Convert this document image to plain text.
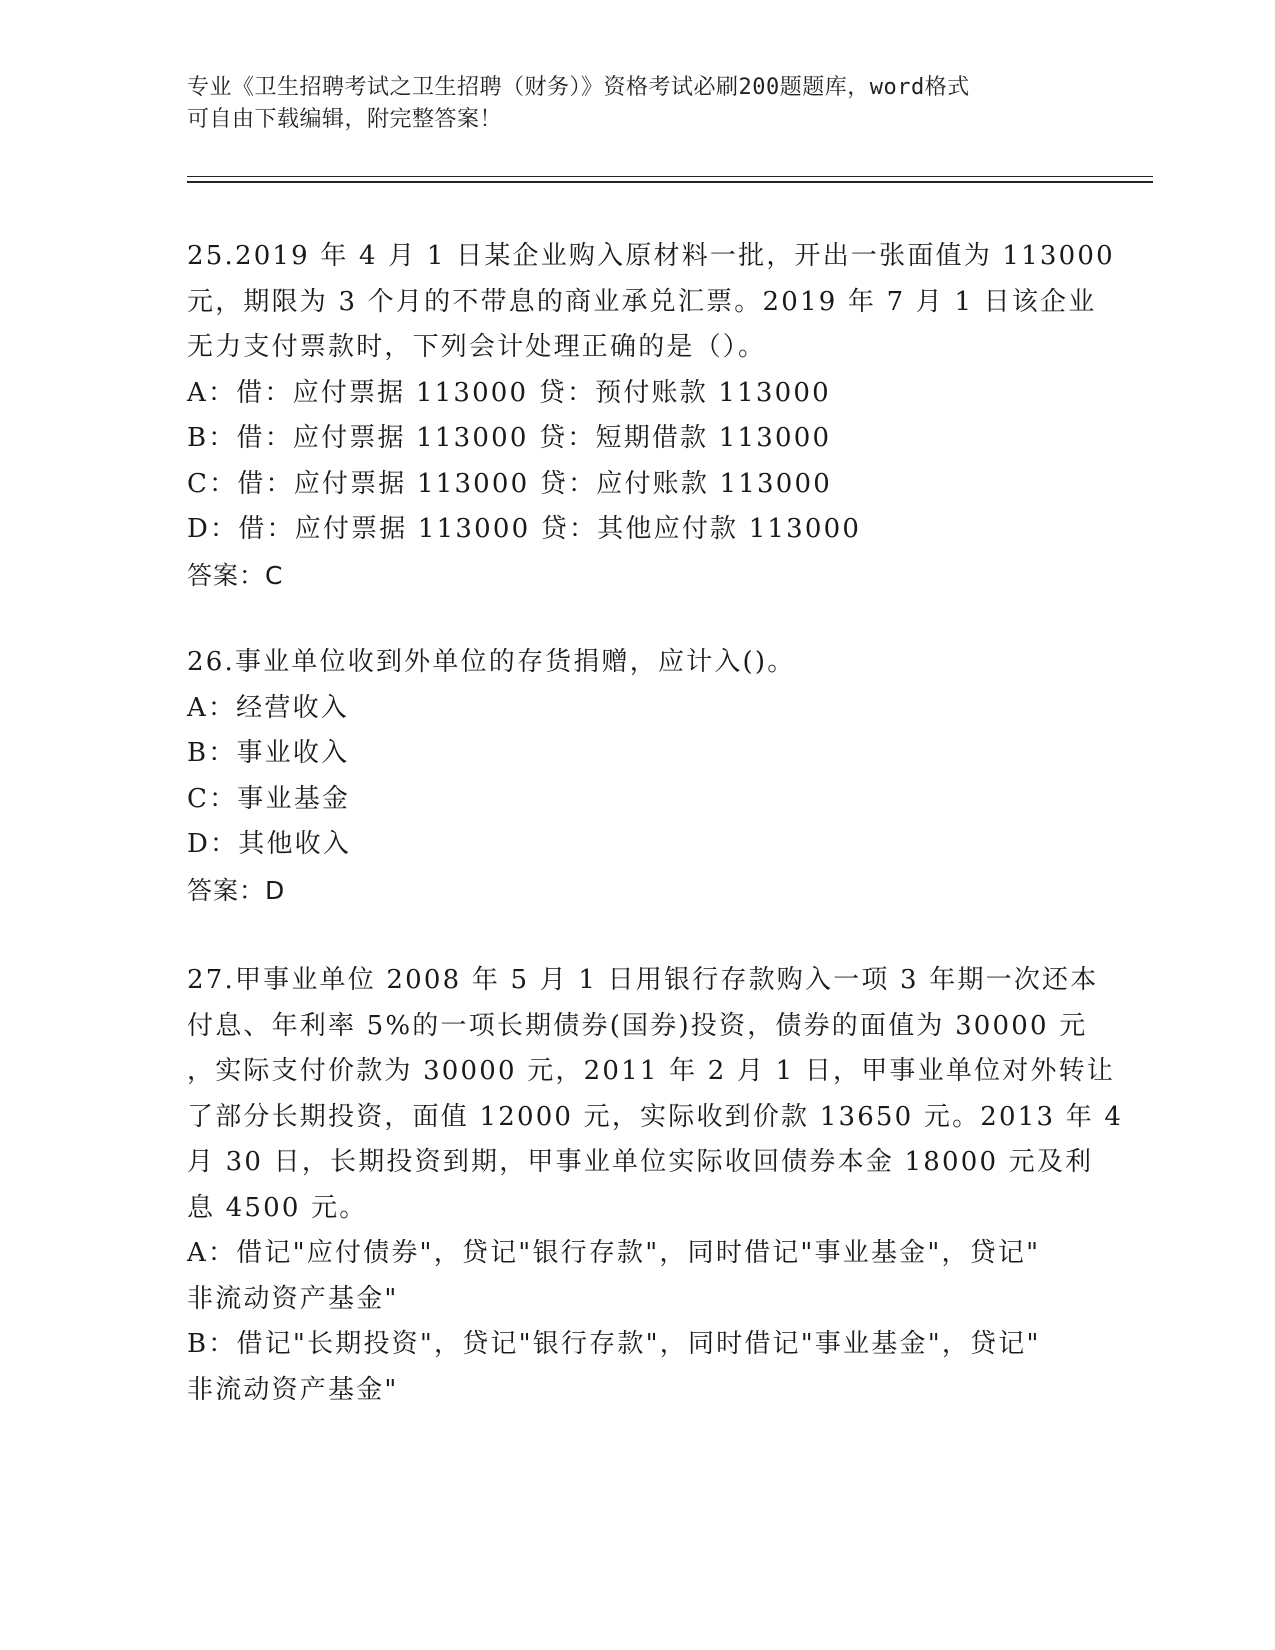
专业《卫生招聘考试之卫生招聘（财务）》资格考试必刷200题题库，word格式
可自由下载编辑，附完整答案！
25.2019 年 4 月 1 日某企业购入原材料一批，开出一张面值为 113000
元，期限为 3 个月的不带息的商业承兑汇票。2019 年 7 月 1 日该企业
无力支付票款时，下列会计处理正确的是（）。
A：借：应付票据 113000 贷：预付账款 113000
B：借：应付票据 113000 贷：短期借款 113000
C：借：应付票据 113000 贷：应付账款 113000
D：借：应付票据 113000 贷：其他应付款 113000
答案：C
26.事业单位收到外单位的存货捐赠，应计入()。
A：经营收入
B：事业收入
C：事业基金
D：其他收入
答案：D
27.甲事业单位 2008 年 5 月 1 日用银行存款购入一项 3 年期一次还本
付息、年利率 5%的一项长期债券(国券)投资，债券的面值为 30000 元
，实际支付价款为 30000 元，2011 年 2 月 1 日，甲事业单位对外转让
了部分长期投资，面值 12000 元，实际收到价款 13650 元。2013 年 4
月 30 日，长期投资到期，甲事业单位实际收回债券本金 18000 元及利
息 4500 元。
A：借记"应付债券"，贷记"银行存款"，同时借记"事业基金"，贷记"
非流动资产基金"
B：借记"长期投资"，贷记"银行存款"，同时借记"事业基金"，贷记"
非流动资产基金"
